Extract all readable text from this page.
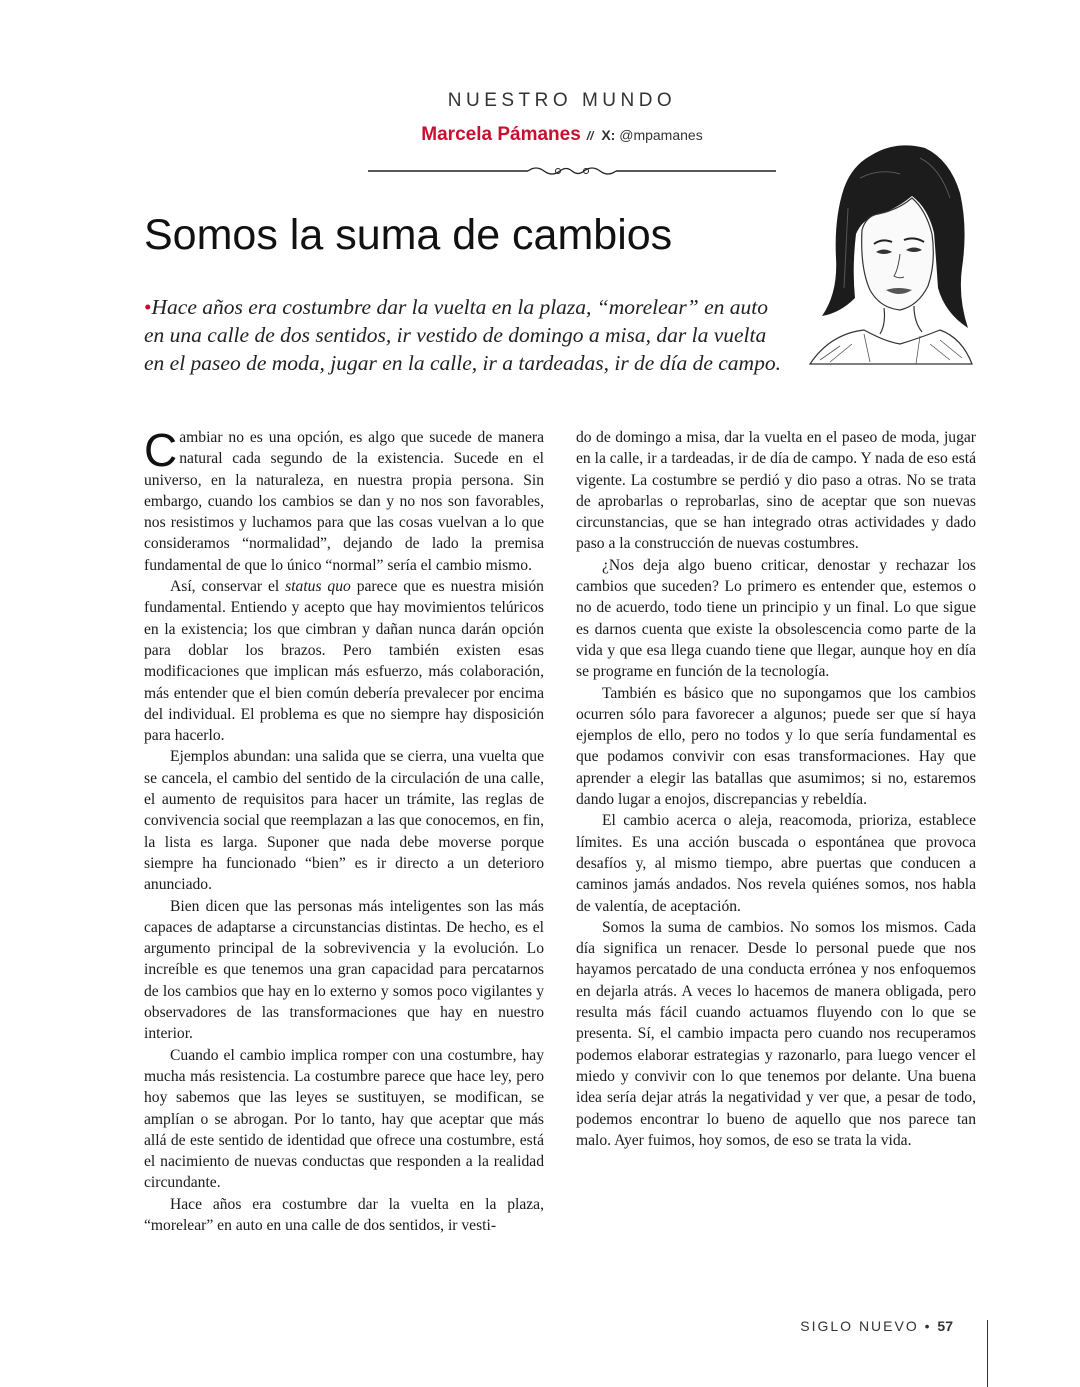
NUESTRO MUNDO
Marcela Pámanes // X: @mpamanes
Somos la suma de cambios
•Hace años era costumbre dar la vuelta en la plaza, “morelear” en auto en una calle de dos sentidos, ir vestido de domingo a misa, dar la vuelta en el paseo de moda, jugar en la calle, ir a tardeadas, ir de día de campo.

Cambiar no es una opción, es algo que sucede de manera natural cada segundo de la existencia. Sucede en el universo, en la naturaleza, en nuestra propia persona. Sin embargo, cuando los cambios se dan y no nos son favorables, nos resistimos y luchamos para que las cosas vuelvan a lo que consideramos “normalidad”, dejando de lado la premisa fundamental de que lo único “normal” sería el cambio mismo.

Así, conservar el status quo parece que es nuestra misión fundamental. Entiendo y acepto que hay movimientos telúricos en la existencia; los que cimbran y dañan nunca darán opción para doblar los brazos. Pero también existen esas modificaciones que implican más esfuerzo, más colaboración, más entender que el bien común debería prevalecer por encima del individual. El problema es que no siempre hay disposición para hacerlo.

Ejemplos abundan: una salida que se cierra, una vuelta que se cancela, el cambio del sentido de la circulación de una calle, el aumento de requisitos para hacer un trámite, las reglas de convivencia social que reemplazan a las que conocemos, en fin, la lista es larga. Suponer que nada debe moverse porque siempre ha funcionado “bien” es ir directo a un deterioro anunciado.

Bien dicen que las personas más inteligentes son las más capaces de adaptarse a circunstancias distintas. De hecho, es el argumento principal de la sobrevivencia y la evolución. Lo increíble es que tenemos una gran capacidad para percatarnos de los cambios que hay en lo externo y somos poco vigilantes y observadores de las transformaciones que hay en nuestro interior.

Cuando el cambio implica romper con una costumbre, hay mucha más resistencia. La costumbre parece que hace ley, pero hoy sabemos que las leyes se sustituyen, se modifican, se amplían o se abrogan. Por lo tanto, hay que aceptar que más allá de este sentido de identidad que ofrece una costumbre, está el nacimiento de nuevas conductas que responden a la realidad circundante.

Hace años era costumbre dar la vuelta en la plaza, “morelear” en auto en una calle de dos sentidos, ir vesti-

do de domingo a misa, dar la vuelta en el paseo de moda, jugar en la calle, ir a tardeadas, ir de día de campo. Y nada de eso está vigente. La costumbre se perdió y dio paso a otras. No se trata de aprobarlas o reprobarlas, sino de aceptar que son nuevas circunstancias, que se han integrado otras actividades y dado paso a la construcción de nuevas costumbres.

¿Nos deja algo bueno criticar, denostar y rechazar los cambios que suceden? Lo primero es entender que, estemos o no de acuerdo, todo tiene un principio y un final. Lo que sigue es darnos cuenta que existe la obsolescencia como parte de la vida y que esa llega cuando tiene que llegar, aunque hoy en día se programe en función de la tecnología.

También es básico que no supongamos que los cambios ocurren sólo para favorecer a algunos; puede ser que sí haya ejemplos de ello, pero no todos y lo que sería fundamental es que podamos convivir con esas transformaciones. Hay que aprender a elegir las batallas que asumimos; si no, estaremos dando lugar a enojos, discrepancias y rebeldía.

El cambio acerca o aleja, reacomoda, prioriza, establece límites. Es una acción buscada o espontánea que provoca desafíos y, al mismo tiempo, abre puertas que conducen a caminos jamás andados. Nos revela quiénes somos, nos habla de valentía, de aceptación.

Somos la suma de cambios. No somos los mismos. Cada día significa un renacer. Desde lo personal puede que nos hayamos percatado de una conducta errónea y nos enfoquemos en dejarla atrás. A veces lo hacemos de manera obligada, pero resulta más fácil cuando actuamos fluyendo con lo que se presenta. Sí, el cambio impacta pero cuando nos recuperamos podemos elaborar estrategias y razonarlo, para luego vencer el miedo y convivir con lo que tenemos por delante. Una buena idea sería dejar atrás la negatividad y ver que, a pesar de todo, podemos encontrar lo bueno de aquello que nos parece tan malo. Ayer fuimos, hoy somos, de eso se trata la vida.

SIGLO NUEVO • 57
